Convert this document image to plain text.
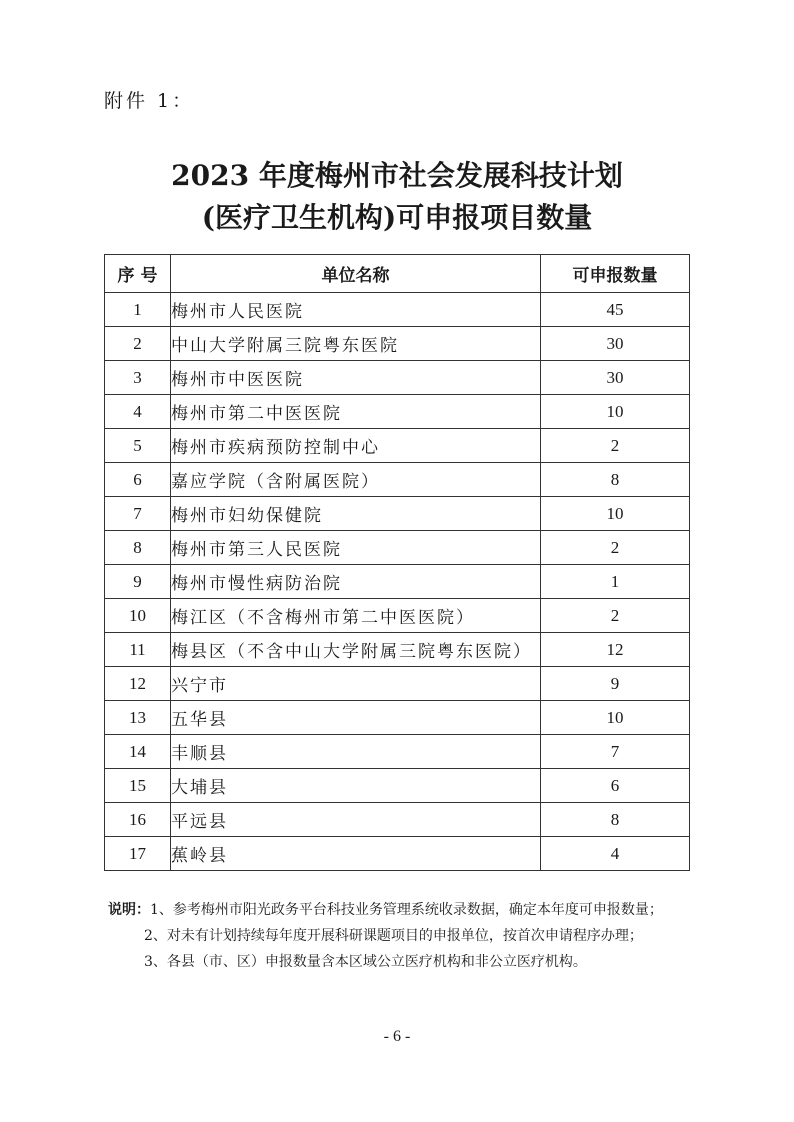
附件 1：
2023 年度梅州市社会发展科技计划
(医疗卫生机构)可申报项目数量
序 号	单位名称	可申报数量
1	梅州市人民医院	45
2	中山大学附属三院粤东医院	30
3	梅州市中医医院	30
4	梅州市第二中医医院	10
5	梅州市疾病预防控制中心	2
6	嘉应学院（含附属医院）	8
7	梅州市妇幼保健院	10
8	梅州市第三人民医院	2
9	梅州市慢性病防治院	1
10	梅江区（不含梅州市第二中医医院）	2
11	梅县区（不含中山大学附属三院粤东医院）	12
12	兴宁市	9
13	五华县	10
14	丰顺县	7
15	大埔县	6
16	平远县	8
17	蕉岭县	4
说明：1、参考梅州市阳光政务平台科技业务管理系统收录数据，确定本年度可申报数量；
2、对未有计划持续每年度开展科研课题项目的申报单位，按首次申请程序办理；
3、各县（市、区）申报数量含本区域公立医疗机构和非公立医疗机构。
- 6 -
